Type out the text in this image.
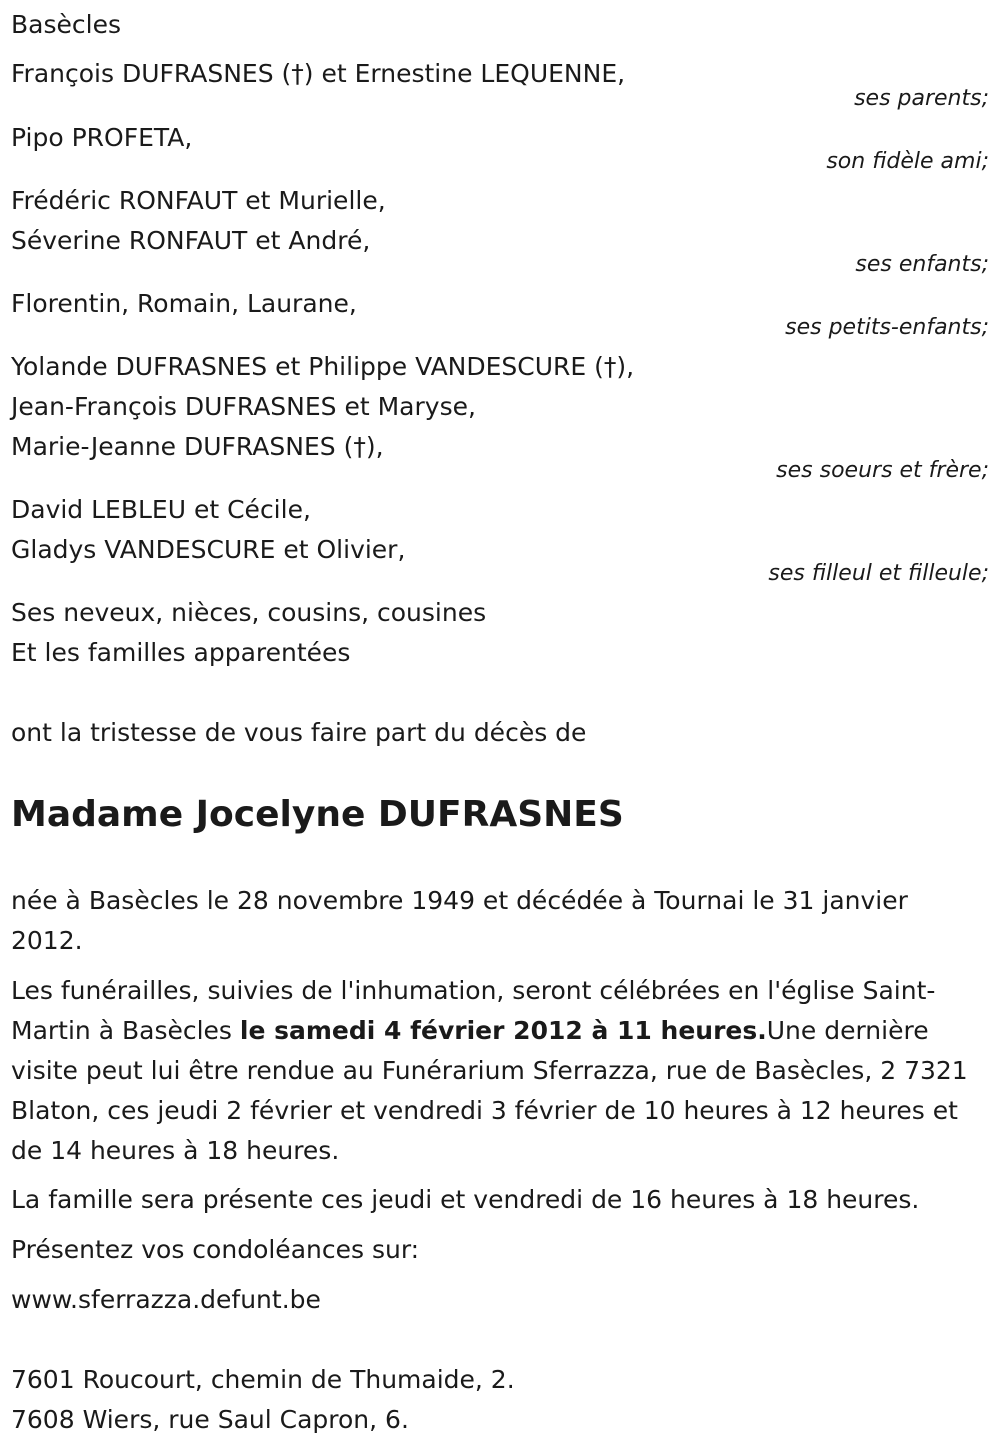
Basècles
François DUFRASNES (†) et Ernestine LEQUENNE,
ses parents;
Pipo PROFETA,
son fidèle ami;
Frédéric RONFAUT et Murielle,
Séverine RONFAUT et André,
ses enfants;
Florentin, Romain, Laurane,
ses petits-enfants;
Yolande DUFRASNES et Philippe VANDESCURE (†),
Jean-François DUFRASNES et Maryse,
Marie-Jeanne DUFRASNES (†),
ses soeurs et frère;
David LEBLEU et Cécile,
Gladys VANDESCURE et Olivier,
ses filleul et filleule;
Ses neveux, nièces, cousins, cousines
Et les familles apparentées
ont la tristesse de vous faire part du décès de
Madame Jocelyne DUFRASNES
née à Basècles le 28 novembre 1949 et décédée à Tournai le 31 janvier 2012.
Les funérailles, suivies de l'inhumation, seront célébrées en l'église Saint-Martin à Basècles le samedi 4 février 2012 à 11 heures.Une dernière visite peut lui être rendue au Funérarium Sferrazza, rue de Basècles, 2 7321 Blaton, ces jeudi 2 février et vendredi 3 février de 10 heures à 12 heures et de 14 heures à 18 heures.
La famille sera présente ces jeudi et vendredi de 16 heures à 18 heures.
Présentez vos condoléances sur:
www.sferrazza.defunt.be
7601 Roucourt, chemin de Thumaide, 2.
7608 Wiers, rue Saul Capron, 6.
